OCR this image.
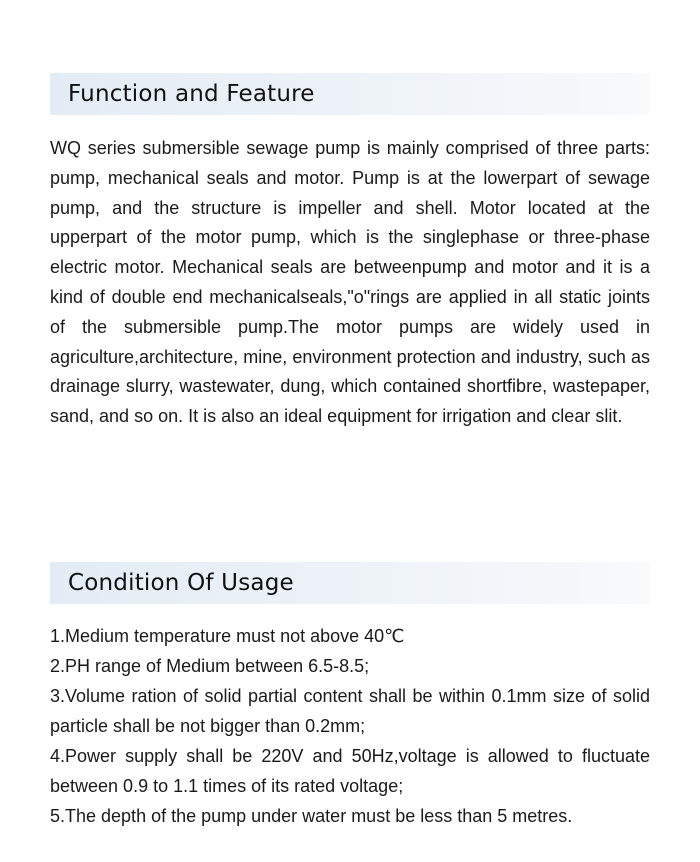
Function and Feature

WQ series submersible sewage pump is mainly comprised of three parts: pump, mechanical seals and motor. Pump is at the lowerpart of sewage pump, and the structure is impeller and shell. Motor located at the upperpart of the motor pump, which is the singlephase or three-phase electric motor. Mechanical seals are betweenpump and motor and it is a kind of double end mechanicalseals,"o"rings are applied in all static joints of the submersible pump.The motor pumps are widely used in agriculture,architecture, mine, environment protection and industry, such as drainage slurry, wastewater, dung, which contained shortfibre, wastepaper, sand, and so on. It is also an ideal equipment for irrigation and clear slit.

Condition Of Usage
1.Medium temperature must not above 40℃
2.PH range of Medium between 6.5-8.5;
3.Volume ration of solid partial content shall be within 0.1mm size of solid particle shall be not bigger than 0.2mm;
4.Power supply shall be 220V and 50Hz,voltage is allowed to fluctuate between 0.9 to 1.1 times of its rated voltage;
5.The depth of the pump under water must be less than 5 metres.
